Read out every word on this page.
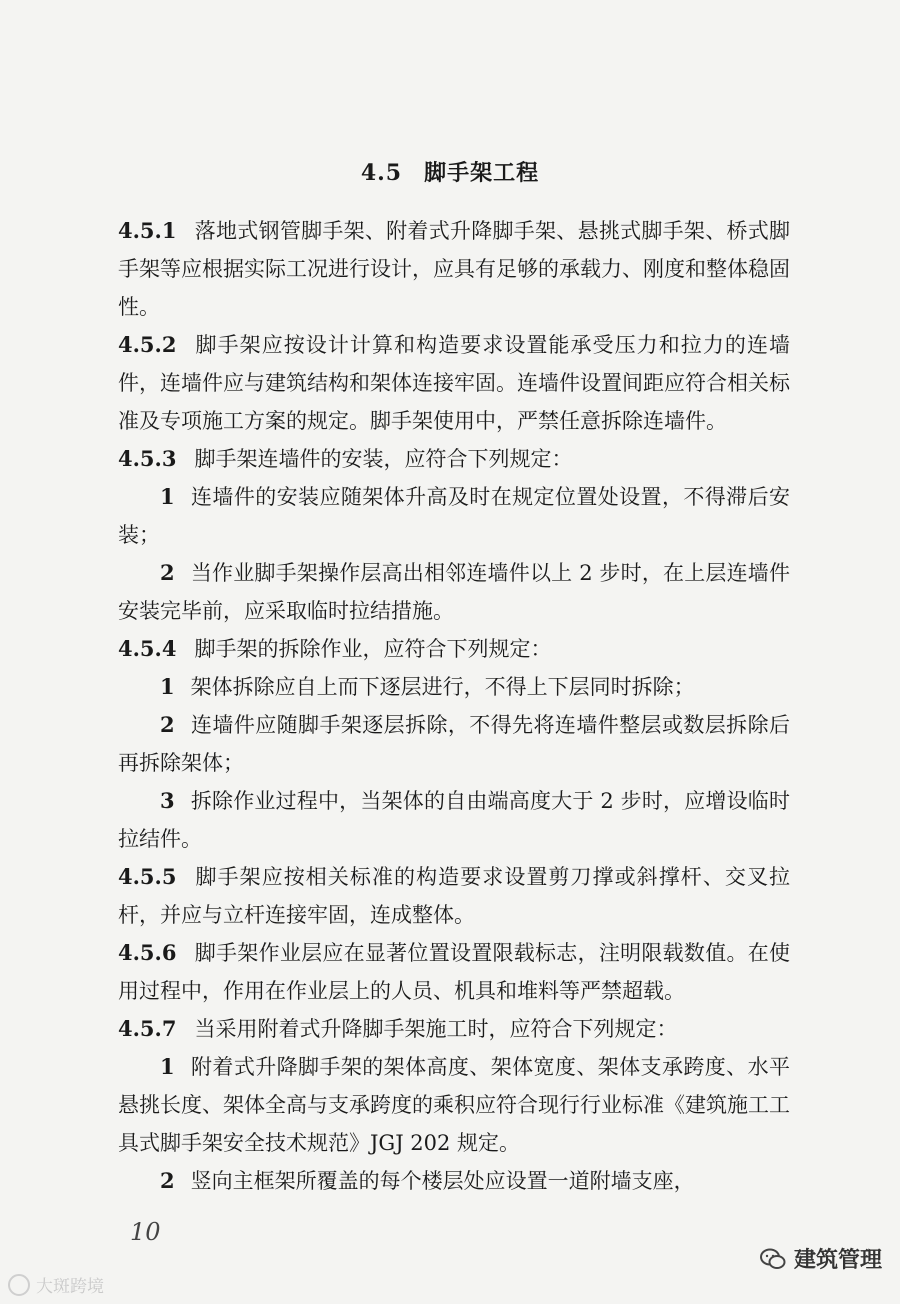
4.5 脚手架工程

4.5.1 落地式钢管脚手架、附着式升降脚手架、悬挑式脚手架、桥式脚手架等应根据实际工况进行设计，应具有足够的承载力、刚度和整体稳固性。

4.5.2 脚手架应按设计计算和构造要求设置能承受压力和拉力的连墙件，连墙件应与建筑结构和架体连接牢固。连墙件设置间距应符合相关标准及专项施工方案的规定。脚手架使用中，严禁任意拆除连墙件。

4.5.3 脚手架连墙件的安装，应符合下列规定：

1 连墙件的安装应随架体升高及时在规定位置处设置，不得滞后安装；

2 当作业脚手架操作层高出相邻连墙件以上 2 步时，在上层连墙件安装完毕前，应采取临时拉结措施。

4.5.4 脚手架的拆除作业，应符合下列规定：

1 架体拆除应自上而下逐层进行，不得上下层同时拆除；

2 连墙件应随脚手架逐层拆除，不得先将连墙件整层或数层拆除后再拆除架体；

3 拆除作业过程中，当架体的自由端高度大于 2 步时，应增设临时拉结件。

4.5.5 脚手架应按相关标准的构造要求设置剪刀撑或斜撑杆、交叉拉杆，并应与立杆连接牢固，连成整体。

4.5.6 脚手架作业层应在显著位置设置限载标志，注明限载数值。在使用过程中，作用在作业层上的人员、机具和堆料等严禁超载。

4.5.7 当采用附着式升降脚手架施工时，应符合下列规定：

1 附着式升降脚手架的架体高度、架体宽度、架体支承跨度、水平悬挑长度、架体全高与支承跨度的乘积应符合现行行业标准《建筑施工工具式脚手架安全技术规范》JGJ 202 规定。

2 竖向主框架所覆盖的每个楼层处应设置一道附墙支座，

10
大斑跨境
建筑管理
